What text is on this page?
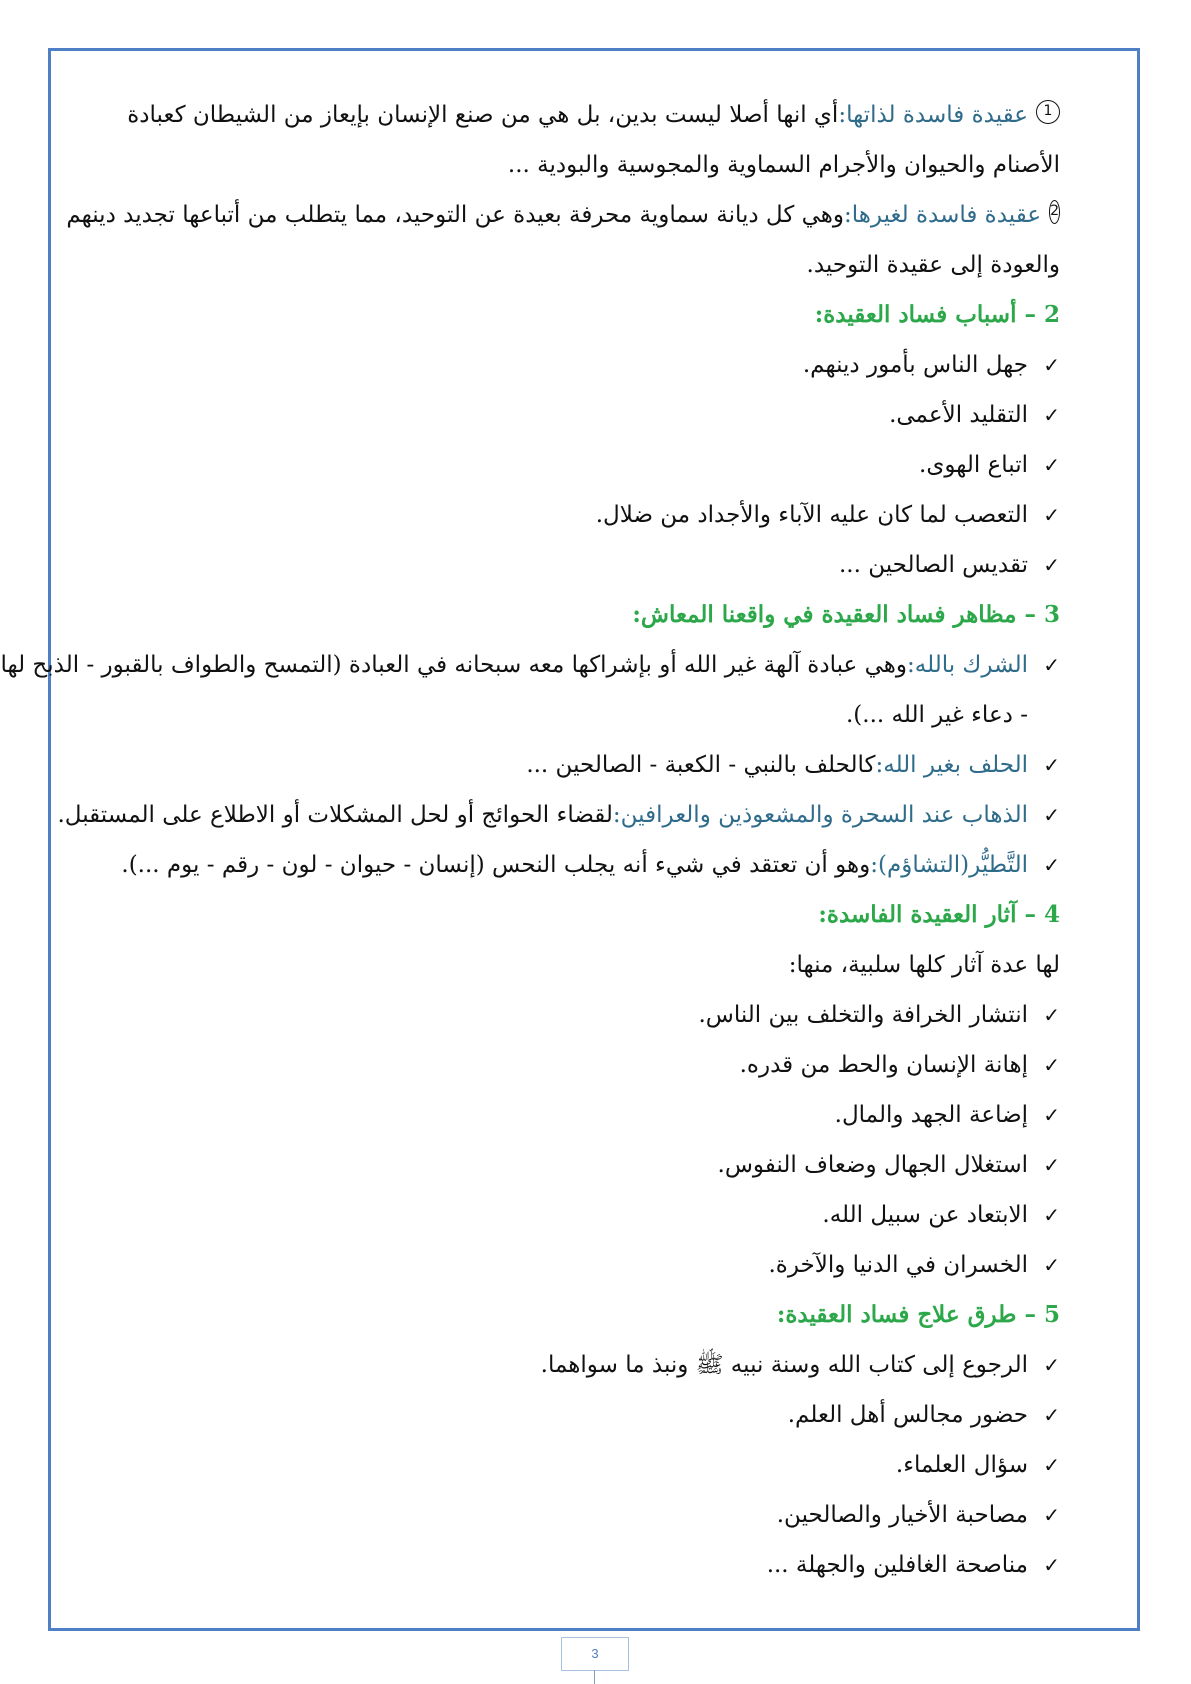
1
عقيدة فاسدة لذاتها:
أي انها أصلا ليست بدين، بل هي من صنع الإنسان بإيعاز من الشيطان كعبادة
الأصنام والحيوان والأجرام السماوية والمجوسية والبودية ...
2
عقيدة فاسدة لغيرها:
وهي كل ديانة سماوية محرفة بعيدة عن التوحيد، مما يتطلب من أتباعها تجديد دينهم
والعودة إلى عقيدة التوحيد.
2 – أسباب فساد العقيدة:
✓
جهل الناس بأمور دينهم.
✓
التقليد الأعمى.
✓
اتباع الهوى.
✓
التعصب لما كان عليه الآباء والأجداد من ضلال.
✓
تقديس الصالحين ...
3 – مظاهر فساد العقيدة في واقعنا المعاش:
✓
الشرك بالله:
وهي عبادة آلهة غير الله أو بإشراكها معه سبحانه في العبادة (التمسح والطواف بالقبور - الذبح لها
- دعاء غير الله ...).
✓
الحلف بغير الله:
كالحلف بالنبي - الكعبة - الصالحين ...
✓
الذهاب عند السحرة والمشعوذين والعرافين:
لقضاء الحوائج أو لحل المشكلات أو الاطلاع على المستقبل.
✓
التَّطيُّر(التشاؤم):
وهو أن تعتقد في شيء أنه يجلب النحس (إنسان - حيوان - لون - رقم - يوم ...).
4 – آثار العقيدة الفاسدة:
لها عدة آثار كلها سلبية، منها:
✓
انتشار الخرافة والتخلف بين الناس.
✓
إهانة الإنسان والحط من قدره.
✓
إضاعة الجهد والمال.
✓
استغلال الجهال وضعاف النفوس.
✓
الابتعاد عن سبيل الله.
✓
الخسران في الدنيا والآخرة.
5 – طرق علاج فساد العقيدة:
✓
الرجوع إلى كتاب الله وسنة نبيه ﷺ ونبذ ما سواهما.
✓
حضور مجالس أهل العلم.
✓
سؤال العلماء.
✓
مصاحبة الأخيار والصالحين.
✓
مناصحة الغافلين والجهلة ...
3
